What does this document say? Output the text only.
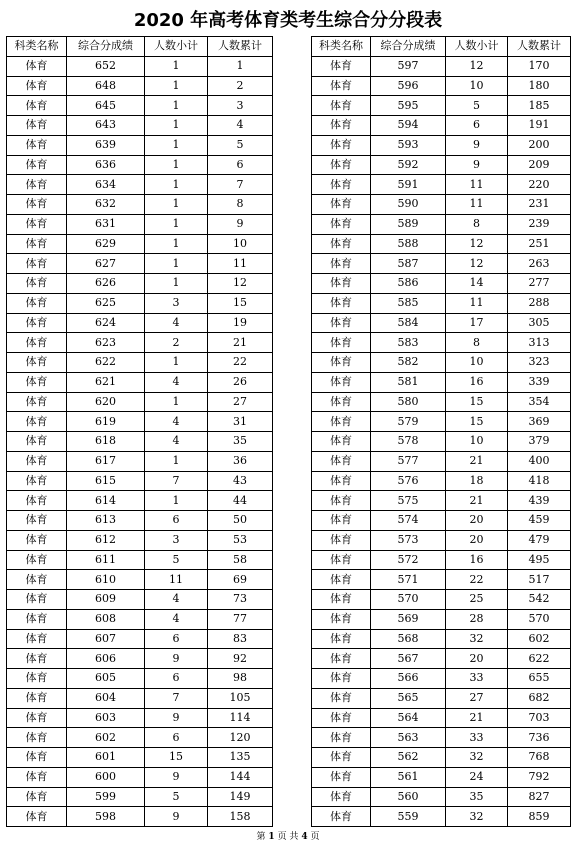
2020 年高考体育类考生综合分分段表
科类名称	综合分成绩	人数小计	人数累计
体育	652	1	1
体育	648	1	2
体育	645	1	3
体育	643	1	4
体育	639	1	5
体育	636	1	6
体育	634	1	7
体育	632	1	8
体育	631	1	9
体育	629	1	10
体育	627	1	11
体育	626	1	12
体育	625	3	15
体育	624	4	19
体育	623	2	21
体育	622	1	22
体育	621	4	26
体育	620	1	27
体育	619	4	31
体育	618	4	35
体育	617	1	36
体育	615	7	43
体育	614	1	44
体育	613	6	50
体育	612	3	53
体育	611	5	58
体育	610	11	69
体育	609	4	73
体育	608	4	77
体育	607	6	83
体育	606	9	92
体育	605	6	98
体育	604	7	105
体育	603	9	114
体育	602	6	120
体育	601	15	135
体育	600	9	144
体育	599	5	149
体育	598	9	158
科类名称	综合分成绩	人数小计	人数累计
体育	597	12	170
体育	596	10	180
体育	595	5	185
体育	594	6	191
体育	593	9	200
体育	592	9	209
体育	591	11	220
体育	590	11	231
体育	589	8	239
体育	588	12	251
体育	587	12	263
体育	586	14	277
体育	585	11	288
体育	584	17	305
体育	583	8	313
体育	582	10	323
体育	581	16	339
体育	580	15	354
体育	579	15	369
体育	578	10	379
体育	577	21	400
体育	576	18	418
体育	575	21	439
体育	574	20	459
体育	573	20	479
体育	572	16	495
体育	571	22	517
体育	570	25	542
体育	569	28	570
体育	568	32	602
体育	567	20	622
体育	566	33	655
体育	565	27	682
体育	564	21	703
体育	563	33	736
体育	562	32	768
体育	561	24	792
体育	560	35	827
体育	559	32	859
第 1 页 共 4 页
